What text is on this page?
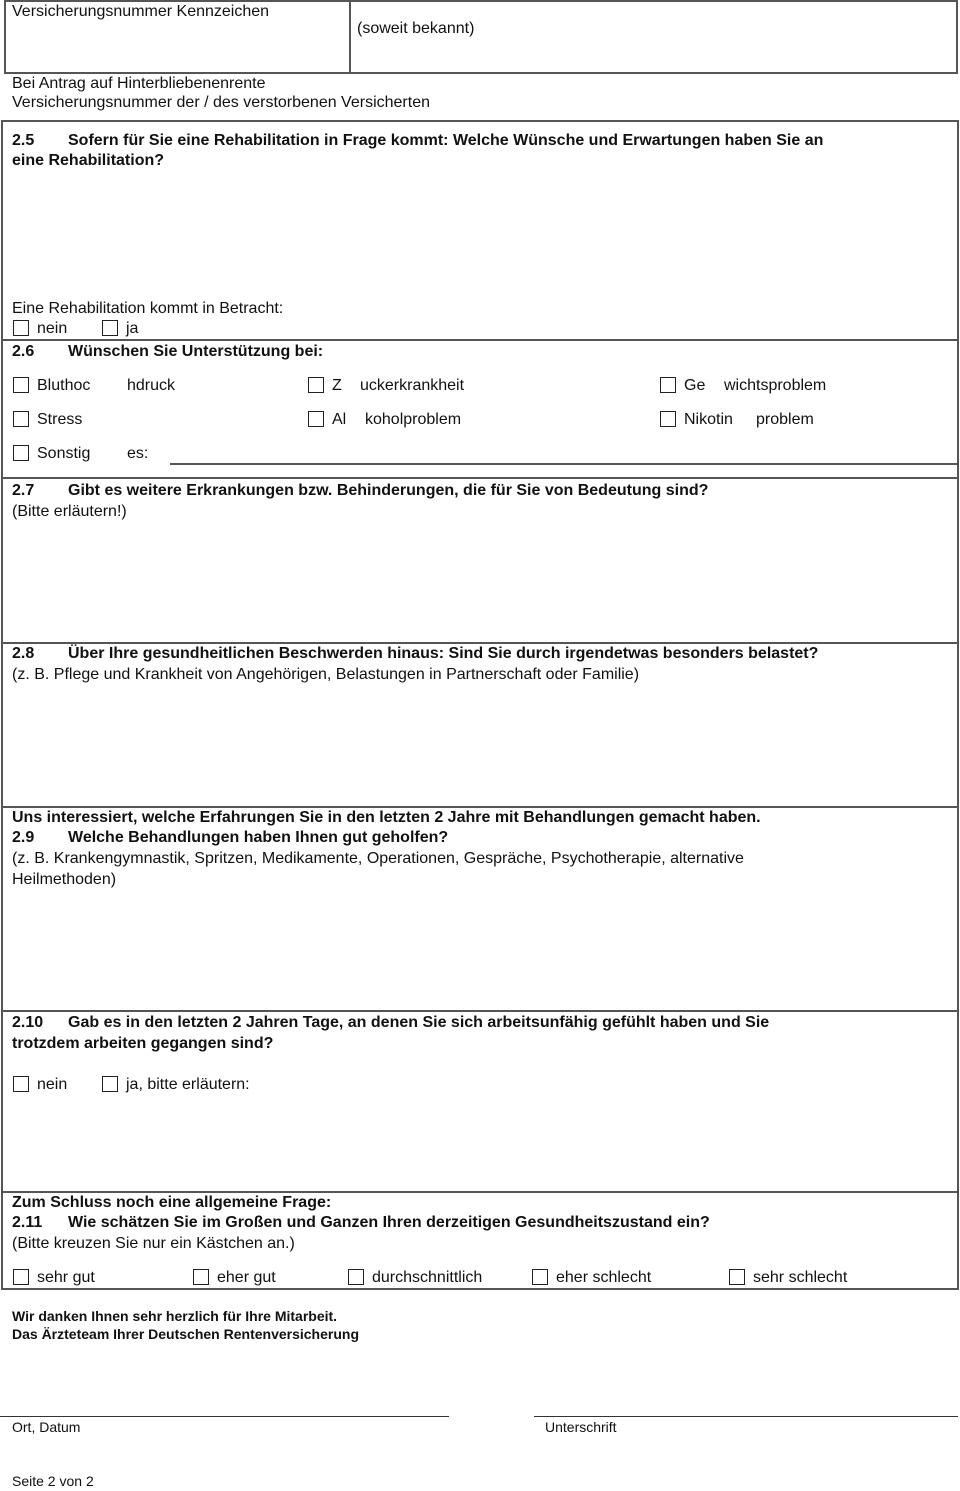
Versicherungsnummer Kennzeichen
(soweit bekannt)
Bei Antrag auf Hinterbliebenenrente
Versicherungsnummer der / des verstorbenen Versicherten
2.5 Sofern für Sie eine Rehabilitation in Frage kommt: Welche Wünsche und Erwartungen haben Sie an
eine Rehabilitation?
Eine Rehabilitation kommt in Betracht:
nein	ja
2.6 Wünschen Sie Unterstützung bei:
Bluthoc hdruck	Z uckerkrankheit	Ge wichtsproblem
Stress	Al koholproblem	Nikotin problem
Sonstig es:
2.7 Gibt es weitere Erkrankungen bzw. Behinderungen, die für Sie von Bedeutung sind?
(Bitte erläutern!)
2.8 Über Ihre gesundheitlichen Beschwerden hinaus: Sind Sie durch irgendetwas besonders belastet?
(z. B. Pflege und Krankheit von Angehörigen, Belastungen in Partnerschaft oder Familie)
Uns interessiert, welche Erfahrungen Sie in den letzten 2 Jahre mit Behandlungen gemacht haben.
2.9 Welche Behandlungen haben Ihnen gut geholfen?
(z. B. Krankengymnastik, Spritzen, Medikamente, Operationen, Gespräche, Psychotherapie, alternative
Heilmethoden)
2.10 Gab es in den letzten 2 Jahren Tage, an denen Sie sich arbeitsunfähig gefühlt haben und Sie
trotzdem arbeiten gegangen sind?
nein	ja, bitte erläutern:
Zum Schluss noch eine allgemeine Frage:
2.11 Wie schätzen Sie im Großen und Ganzen Ihren derzeitigen Gesundheitszustand ein?
(Bitte kreuzen Sie nur ein Kästchen an.)
sehr gut	eher gut	durchschnittlich	eher schlecht	sehr schlecht
Wir danken Ihnen sehr herzlich für Ihre Mitarbeit.
Das Ärzteteam Ihrer Deutschen Rentenversicherung
Ort, Datum	Unterschrift
Seite 2 von 2
